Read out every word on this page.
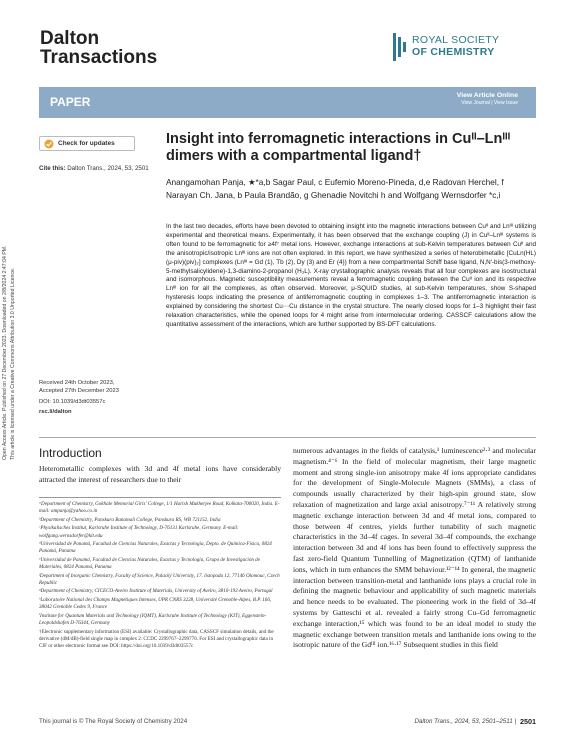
Open Access Article. Published on 27 December 2023. Downloaded on 2/8/2024 2:47:04 PM. This article is licensed under a Creative Commons Attribution 3.0 Unported Licence.
Dalton
Transactions
ROYAL SOCIETY
OF CHEMISTRY
PAPER	View Article Online
View Journal | View Issue
Check for updates
Cite this: Dalton Trans., 2024, 53, 2501
Insight into ferromagnetic interactions in Cuᴵᴵ–Lnᴵᴵᴵ dimers with a compartmental ligand†
Anangamohan Panja, ★*a,b Sagar Paul, c Eufemio Moreno-Pineda, d,e Radovan Herchel, f Narayan Ch. Jana, b Paula Brandão, g Ghenadie Novitchi h and Wolfgang Wernsdorfer *c,i
In the last two decades, efforts have been devoted to obtaining insight into the magnetic interactions between Cuᴵᴵ and Lnᴵᴵᴵ utilizing experimental and theoretical means. Experimentally, it has been observed that the exchange coupling (J) in Cuᴵᴵ–Lnᴵᴵᴵ systems is often found to be ferromagnetic for ≥4f⁷ metal ions. However, exchange interactions at sub-Kelvin temperatures between Cuᴵᴵ and the anisotropic/isotropic Lnᴵᴵᴵ ions are not often explored. In this report, we have synthesized a series of heterobimetallic [CuLn(HL)(μ-piv)(piv)₂] complexes (Lnᴵᴵᴵ = Gd (1), Tb (2), Dy (3) and Er (4)) from a new compartmental Schiff base ligand, N,N′-bis(3-methoxy-5-methylsalicylidene)-1,3-diamino-2-propanol (H₃L). X-ray crystallographic analysis reveals that all four complexes are isostructural and isomorphous. Magnetic susceptibility measurements reveal a ferromagnetic coupling between the Cuᴵᴵ ion and its respective Lnᴵᴵᴵ ion for all the complexes, as often observed. Moreover, μ-SQUID studies, at sub-Kelvin temperatures, show S-shaped hysteresis loops indicating the presence of antiferromagnetic coupling in complexes 1–3. The antiferromagnetic interaction is explained by considering the shortest Cu⋯Cu distance in the crystal structure. The nearly closed loops for 1–3 highlight their fast relaxation characteristics, while the opened loops for 4 might arise from intermolecular ordering. CASSCF calculations allow the quantitative assessment of the interactions, which are further supported by BS-DFT calculations.
Received 24th October 2023,
Accepted 27th December 2023
DOI: 10.1039/d3dt03557c
rsc.li/dalton
Introduction
Heterometallic complexes with 3d and 4f metal ions have considerably attracted the interest of researchers due to their

ᵃDepartment of Chemistry, Gokhale Memorial Girls' College, 1/1 Harish Mukherjee Road, Kolkata-700020, India. E-mail: ampanja@yahoo.co.in

ᵇDepartment of Chemistry, Panskura Banamali College, Panskura RS, WB 721152, India

ᶜPhysikalisches Institut, Karlsruhe Institute of Technology, D-76131 Karlsruhe, Germany. E-mail: wolfgang.wernsdorfer@kit.edu

ᵈUniversidad de Panamá, Facultad de Ciencias Naturales, Exactas y Tecnología, Depto. de Química-Física, 0824 Panamá, Panama

ᵉUniversidad de Panamá, Facultad de Ciencias Naturales, Exactas y Tecnología, Grupo de Investigación de Materiales, 0824 Panamá, Panama

ᶠDepartment of Inorganic Chemistry, Faculty of Science, Palacký University, 17. listopadu 12, 77146 Olomouc, Czech Republic

ᵍDepartment of Chemistry, CICECO-Aveiro Institute of Materials, University of Aveiro, 3810-193 Aveiro, Portugal

ʰLaboratoire National des Champs Magnétiques Intenses, UPR CNRS 3228, Université Grenoble-Alpes, B.P. 166, 38042 Grenoble Cedex 9, France

ⁱInstitute for Quantum Materials and Technology (IQMT), Karlsruhe Institute of Technology (KIT), Eggenstein-Leopoldshafen D-76344, Germany

†Electronic supplementary information (ESI) available: Crystallographic data, CASSCF simulation details, and the derivative (dM/dB)-field single map in complex 2. CCDC 2299767–2299770. For ESI and crystallographic data in CIF or other electronic format see DOI: https://doi.org/10.1039/d3dt03557c

numerous advantages in the fields of catalysis,¹ luminescence²·³ and molecular magnetism.⁴⁻⁶ In the field of molecular magnetism, their large magnetic moment and strong single-ion anisotropy make 4f ions appropriate candidates for the development of Single-Molecule Magnets (SMMs), a class of compounds usually characterized by their high-spin ground state, slow relaxation of magnetization and large axial anisotropy.⁷⁻¹¹ A relatively strong magnetic exchange interaction between 3d and 4f metal ions, compared to those between 4f centres, yields further tunability of such magnetic characteristics in the 3d–4f cages. In several 3d–4f compounds, the exchange interaction between 3d and 4f ions has been found to effectively suppress the fast zero-field Quantum Tunnelling of Magnetization (QTM) of lanthanide ions, which in turn enhances the SMM behaviour.¹²⁻¹⁴ In general, the magnetic interaction between transition-metal and lanthanide ions plays a crucial role in defining the magnetic behaviour and applicability of such magnetic materials and hence needs to be evaluated. The pioneering work in the field of 3d–4f systems by Gatteschi et al. revealed a fairly strong Cu–Gd ferromagnetic exchange interaction,¹⁵ which was found to be an ideal model to study the magnetic exchange between transition metals and lanthanide ions owing to the isotropic nature of the Gdᴵᴵᴵ ion.¹⁶·¹⁷ Subsequent studies in this field
This journal is © The Royal Society of Chemistry 2024	Dalton Trans., 2024, 53, 2501–2511 | 2501
